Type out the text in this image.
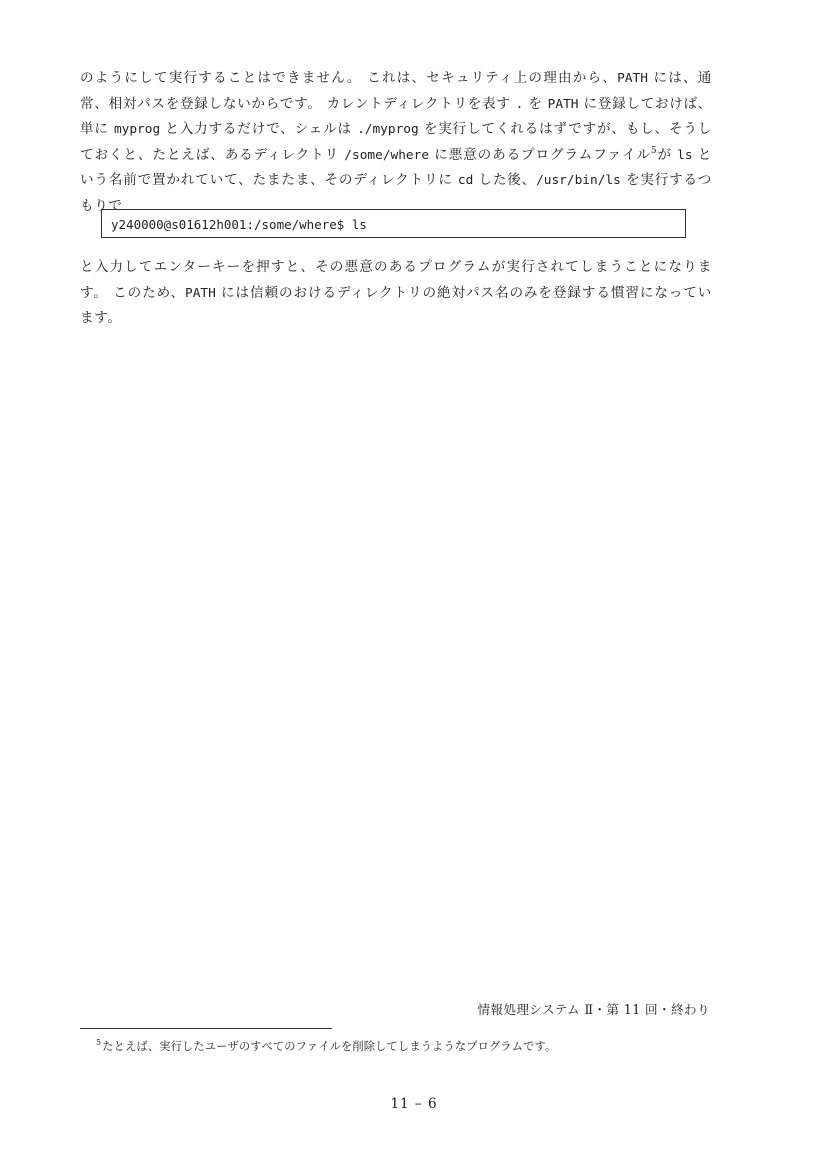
のようにして実行することはできません。 これは、セキュリティ上の理由から、PATH には、通常、相対パスを登録しないからです。 カレントディレクトリを表す . を PATH に登録しておけば、単に myprog と入力するだけで、シェルは ./myprog を実行してくれるはずですが、もし、そうしておくと、たとえば、あるディレクトリ /some/where に悪意のあるプログラムファイル$^5$が ls という名前で置かれていて、たまたま、そのディレクトリに cd した後、/usr/bin/ls を実行するつもりで

y240000@s01612h001:/some/where$ ls

と入力してエンターキーを押すと、その悪意のあるプログラムが実行されてしまうことになります。 このため、PATH には信頼のおけるディレクトリの絶対パス名のみを登録する慣習になっています。

情報処理システム Ⅱ・第 11 回・終わり
$^5$たとえば、実行したユーザのすべてのファイルを削除してしまうようなプログラムです。
11 – 6
